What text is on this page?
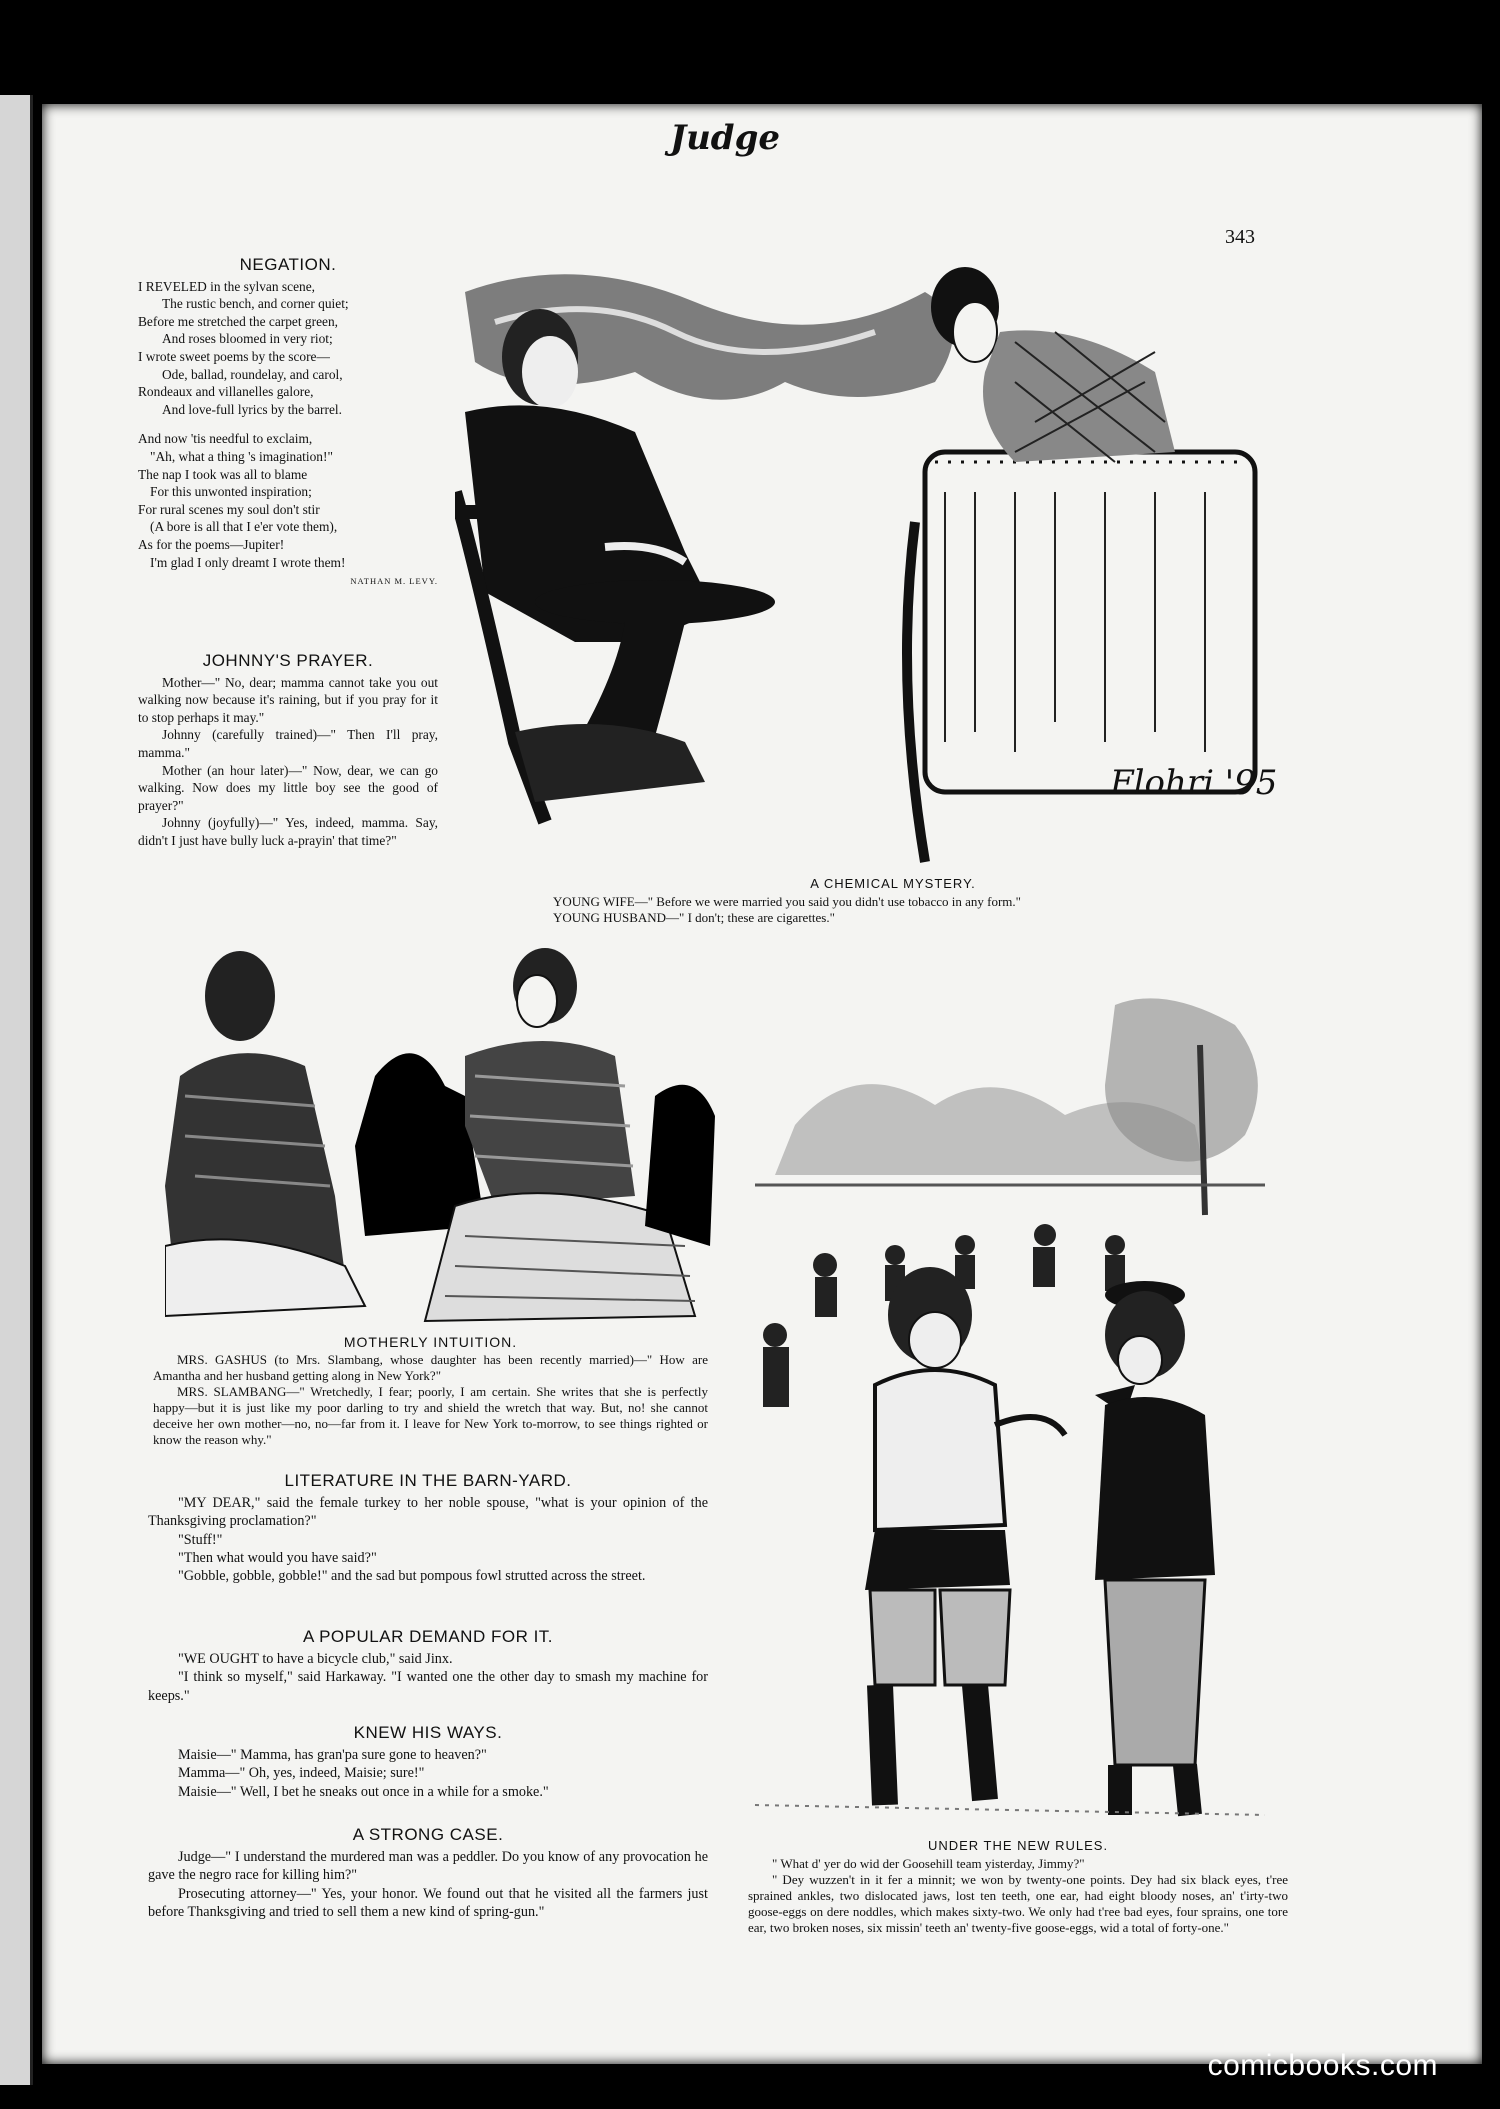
Judge
343
NEGATION.

I REVELED in the sylvan scene,

The rustic bench, and corner quiet;

Before me stretched the carpet green,

And roses bloomed in very riot;

I wrote sweet poems by the score—

Ode, ballad, roundelay, and carol,

Rondeaux and villanelles galore,

And love-full lyrics by the barrel.

And now 'tis needful to exclaim,

"Ah, what a thing 's imagination!"

The nap I took was all to blame

For this unwonted inspiration;

For rural scenes my soul don't stir

(A bore is all that I e'er vote them),

As for the poems—Jupiter!

I'm glad I only dreamt I wrote them!

NATHAN M. LEVY.
JOHNNY'S PRAYER.

Mother—" No, dear; mamma cannot take you out walking now because it's raining, but if you pray for it to stop perhaps it may."

Johnny (carefully trained)—" Then I'll pray, mamma."

Mother (an hour later)—" Now, dear, we can go walking. Now does my little boy see the good of prayer?"

Johnny (joyfully)—" Yes, indeed, mamma. Say, didn't I just have bully luck a-prayin' that time?"

Flohri '95
A CHEMICAL MYSTERY.

YOUNG WIFE—" Before we were married you said you didn't use tobacco in any form."

YOUNG HUSBAND—" I don't; these are cigarettes."

MOTHERLY INTUITION.

MRS. GASHUS (to Mrs. Slambang, whose daughter has been recently married)—" How are Amantha and her husband getting along in New York?"

MRS. SLAMBANG—" Wretchedly, I fear; poorly, I am certain. She writes that she is perfectly happy—but it is just like my poor darling to try and shield the wretch that way. But, no! she cannot deceive her own mother—no, no—far from it. I leave for New York to-morrow, to see things righted or know the reason why."

LITERATURE IN THE BARN-YARD.

"MY DEAR," said the female turkey to her noble spouse, "what is your opinion of the Thanksgiving proclamation?"

"Stuff!"

"Then what would you have said?"

"Gobble, gobble, gobble!" and the sad but pompous fowl strutted across the street.

A POPULAR DEMAND FOR IT.

"WE OUGHT to have a bicycle club," said Jinx.

"I think so myself," said Harkaway. "I wanted one the other day to smash my machine for keeps."

KNEW HIS WAYS.

Maisie—" Mamma, has gran'pa sure gone to heaven?"

Mamma—" Oh, yes, indeed, Maisie; sure!"

Maisie—" Well, I bet he sneaks out once in a while for a smoke."

A STRONG CASE.

Judge—" I understand the murdered man was a peddler. Do you know of any provocation he gave the negro race for killing him?"

Prosecuting attorney—" Yes, your honor. We found out that he visited all the farmers just before Thanksgiving and tried to sell them a new kind of spring-gun."

UNDER THE NEW RULES.

" What d' yer do wid der Goosehill team yisterday, Jimmy?"

" Dey wuzzen't in it fer a minnit; we won by twenty-one points. Dey had six black eyes, t'ree sprained ankles, two dislocated jaws, lost ten teeth, one ear, had eight bloody noses, an' t'irty-two goose-eggs on dere noddles, which makes sixty-two. We only had t'ree bad eyes, four sprains, one tore ear, two broken noses, six missin' teeth an' twenty-five goose-eggs, wid a total of forty-one."

comicbooks.com
